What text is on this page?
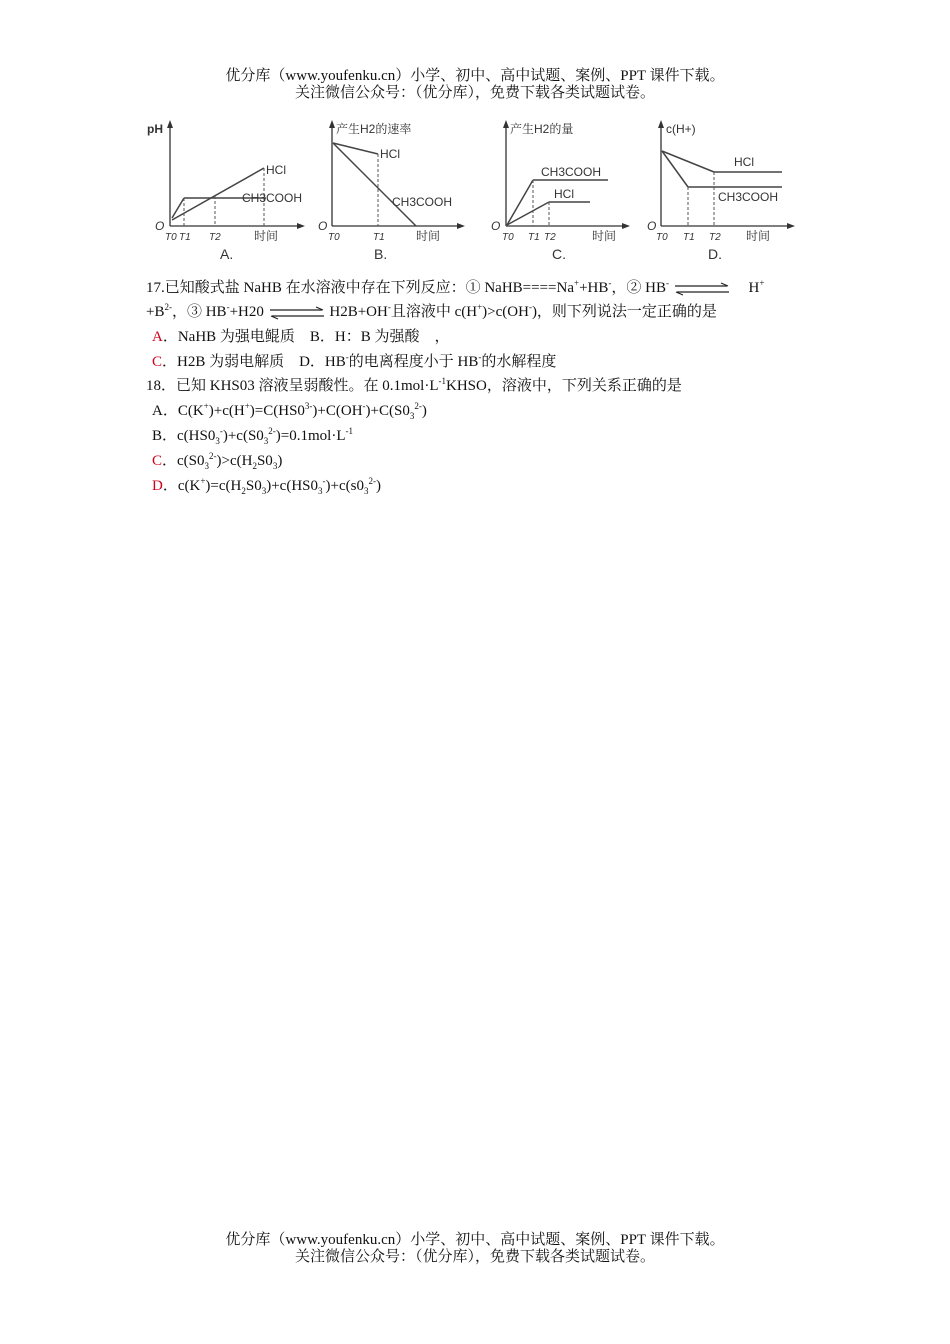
优分库（www.youfenku.cn）小学、初中、高中试题、案例、PPT 课件下载。
关注微信公众号：（优分库），免费下载各类试题试卷。
pH
O
HCl
CH3COOH
T0 T1 T2	时间
A.
产生H2的速率
O
HCl
CH3COOH
T0	T1	时间
B.
产生H2的量
O
CH3COOH
HCl
T0 T1 T2	时间
C.
c(H+)
O
HCl
CH3COOH
T0 T1 T2 时间
D.
17.已知酸式盐 NaHB 在水溶液中存在下列反应：① NaHB====Na++HB-，② HB- ⇌ H+
$+B^{2-}$，③ HB-+H20 ⇌ H2B+OH-且溶液中 c(H+)>c(OH-)，则下列说法一定正确的是
A．NaHB 为强电鲲质　B．H：B 为强酸　，
C．H2B 为弱电解质　D．HB-的电离程度小于 HB-的水解程度
18．已知 KHS03 溶液呈弱酸性。在 $0.1mol\cdot L^{-1}KHSO$，溶液中，下列关系正确的是
A．$C(K^+)+c(H^+)=C(HS0^{3-})+C(OH^-)+C(S0_3^{2-})$
B．$c(HS0_3^-)+c(S0_3^{2-})=0.1mol\cdot L^{-1}$
C．$c(S0_3^{2-})>c(H_2S0_3)$
D．$c(K^+)=c(H_2S0_3)+c(HS0_3^-)+c(s0_3^{2-})$
优分库（www.youfenku.cn）小学、初中、高中试题、案例、PPT 课件下载。
关注微信公众号：（优分库），免费下载各类试题试卷。
